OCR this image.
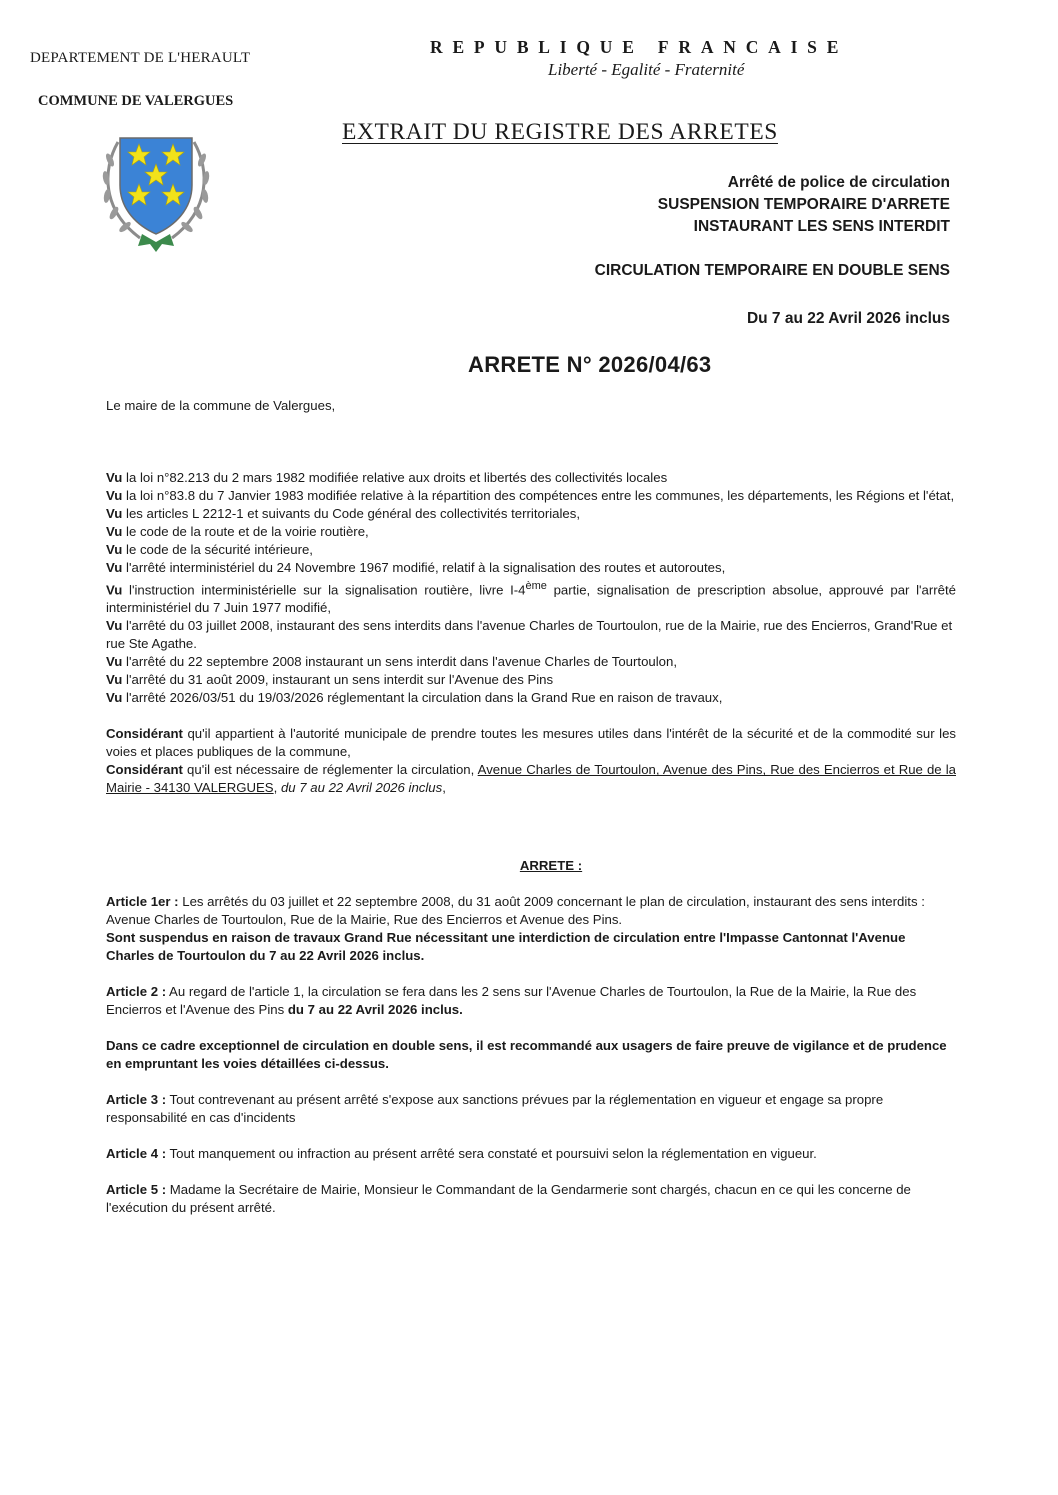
DEPARTEMENT DE L'HERAULT
COMMUNE DE VALERGUES
REPUBLIQUE FRANCAISE
Liberté - Egalité - Fraternité
EXTRAIT DU REGISTRE DES ARRETES
Arrêté de police de circulation
SUSPENSION TEMPORAIRE D'ARRETE
INSTAURANT LES SENS INTERDIT
CIRCULATION TEMPORAIRE EN DOUBLE SENS
Du 7 au 22 Avril 2026 inclus
ARRETE N° 2026/04/63

Le maire de la commune de Valergues,

Vu la loi n°82.213 du 2 mars 1982 modifiée relative aux droits et libertés des collectivités locales

Vu la loi n°83.8 du 7 Janvier 1983 modifiée relative à la répartition des compétences entre les communes, les départements, les Régions et l'état,

Vu les articles L 2212-1 et suivants du Code général des collectivités territoriales,

Vu le code de la route et de la voirie routière,

Vu le code de la sécurité intérieure,

Vu l'arrêté interministériel du 24 Novembre 1967 modifié, relatif à la signalisation des routes et autoroutes,

Vu l'instruction interministérielle sur la signalisation routière, livre I-4ème partie, signalisation de prescription absolue, approuvé par l'arrêté interministériel du 7 Juin 1977 modifié,

Vu l'arrêté du 03 juillet 2008, instaurant des sens interdits dans l'avenue Charles de Tourtoulon, rue de la Mairie, rue des Encierros, Grand'Rue et rue Ste Agathe.

Vu l'arrêté du 22 septembre 2008 instaurant un sens interdit dans l'avenue Charles de Tourtoulon,

Vu l'arrêté du 31 août 2009, instaurant un sens interdit sur l'Avenue des Pins

Vu l'arrêté 2026/03/51 du 19/03/2026 réglementant la circulation dans la Grand Rue en raison de travaux,

Considérant qu'il appartient à l'autorité municipale de prendre toutes les mesures utiles dans l'intérêt de la sécurité et de la commodité sur les voies et places publiques de la commune,

Considérant qu'il est nécessaire de réglementer la circulation, Avenue Charles de Tourtoulon, Avenue des Pins, Rue des Encierros et Rue de la Mairie - 34130 VALERGUES, du 7 au 22 Avril 2026 inclus,

ARRETE :

Article 1er : Les arrêtés du 03 juillet et 22 septembre 2008, du 31 août 2009 concernant le plan de circulation, instaurant des sens interdits :

Avenue Charles de Tourtoulon, Rue de la Mairie, Rue des Encierros et Avenue des Pins.

Sont suspendus en raison de travaux Grand Rue nécessitant une interdiction de circulation entre l'Impasse Cantonnat l'Avenue Charles de Tourtoulon du 7 au 22 Avril 2026 inclus.

Article 2 : Au regard de l'article 1, la circulation se fera dans les 2 sens sur l'Avenue Charles de Tourtoulon, la Rue de la Mairie, la Rue des Encierros et l'Avenue des Pins du 7 au 22 Avril 2026 inclus.

Dans ce cadre exceptionnel de circulation en double sens, il est recommandé aux usagers de faire preuve de vigilance et de prudence en empruntant les voies détaillées ci-dessus.

Article 3 : Tout contrevenant au présent arrêté s'expose aux sanctions prévues par la réglementation en vigueur et engage sa propre responsabilité en cas d'incidents

Article 4 : Tout manquement ou infraction au présent arrêté sera constaté et poursuivi selon la réglementation en vigueur.

Article 5 : Madame la Secrétaire de Mairie, Monsieur le Commandant de la Gendarmerie sont chargés, chacun en ce qui les concerne de l'exécution du présent arrêté.
